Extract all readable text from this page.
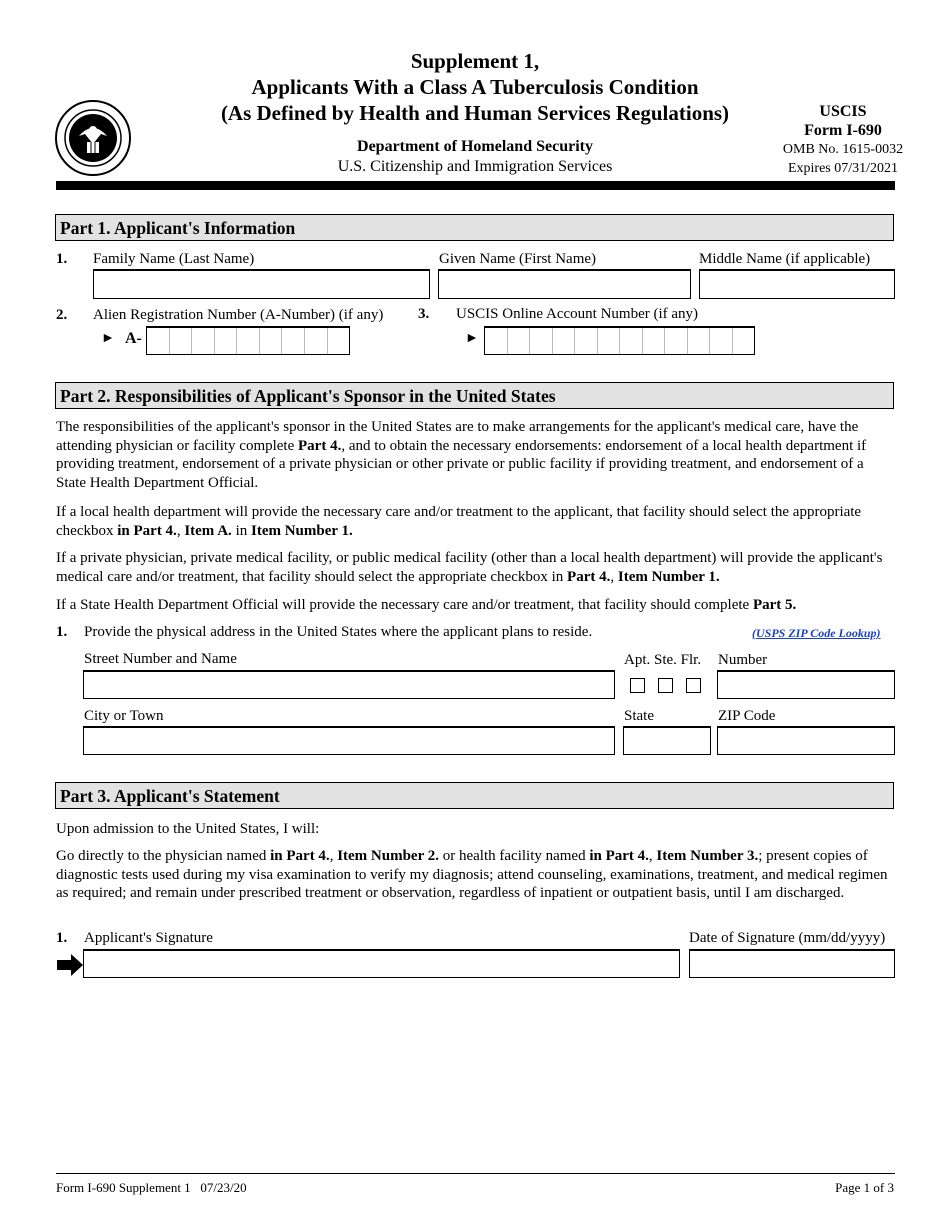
Supplement 1,
Applicants With a Class A Tuberculosis Condition
(As Defined by Health and Human Services Regulations)
Department of Homeland Security
U.S. Citizenship and Immigration Services
USCIS
Form I-690
OMB No. 1615-0032
Expires 07/31/2021
Part 1. Applicant's Information
1. Family Name (Last Name)	Given Name (First Name)	Middle Name (if applicable)
2. Alien Registration Number (A-Number) (if any)
► A-
3. USCIS Online Account Number (if any)
►
Part 2. Responsibilities of Applicant's Sponsor in the United States
The responsibilities of the applicant's sponsor in the United States are to make arrangements for the applicant's medical care, have the attending physician or facility complete Part 4., and to obtain the necessary endorsements: endorsement of a local health department if providing treatment, endorsement of a private physician or other private or public facility if providing treatment, and endorsement of a State Health Department Official.
If a local health department will provide the necessary care and/or treatment to the applicant, that facility should select the appropriate checkbox in Part 4., Item A. in Item Number 1.
If a private physician, private medical facility, or public medical facility (other than a local health department) will provide the applicant's medical care and/or treatment, that facility should select the appropriate checkbox in Part 4., Item Number 1.
If a State Health Department Official will provide the necessary care and/or treatment, that facility should complete Part 5.
1. Provide the physical address in the United States where the applicant plans to reside.	(USPS ZIP Code Lookup)
Street Number and Name	Apt. Ste. Flr. Number
City or Town	State	ZIP Code
Part 3. Applicant's Statement
Upon admission to the United States, I will:
Go directly to the physician named in Part 4., Item Number 2. or health facility named in Part 4., Item Number 3.; present copies of diagnostic tests used during my visa examination to verify my diagnosis; attend counseling, examinations, treatment, and medical regimen as required; and remain under prescribed treatment or observation, regardless of inpatient or outpatient basis, until I am discharged.
1. Applicant's Signature	Date of Signature (mm/dd/yyyy)
Form I-690 Supplement 1   07/23/20	Page 1 of 3
